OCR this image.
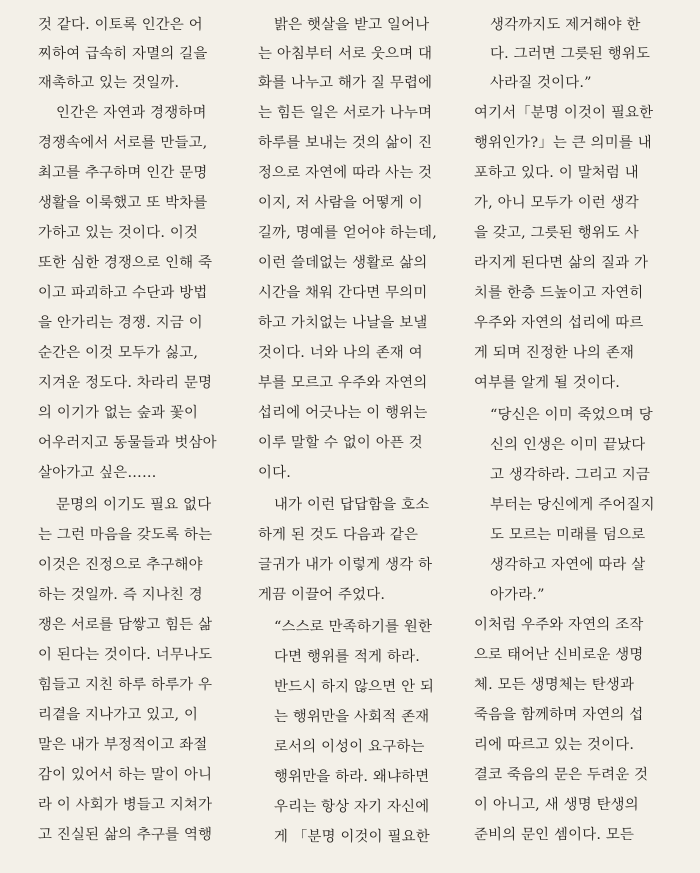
것 같다. 이토록 인간은 어
찌하여 급속히 자멸의 길을
재촉하고 있는 것일까.
인간은 자연과 경쟁하며
경쟁속에서 서로를 만들고,
최고를 추구하며 인간 문명
생활을 이룩했고 또 박차를
가하고 있는 것이다. 이것
또한 심한 경쟁으로 인해 죽
이고 파괴하고 수단과 방법
을 안가리는 경쟁. 지금 이
순간은 이것 모두가 싫고,
지겨운 정도다. 차라리 문명
의 이기가 없는 숲과 꽃이
어우러지고 동물들과 벗삼아
살아가고 싶은……
문명의 이기도 필요 없다
는 그런 마음을 갖도록 하는
이것은 진정으로 추구해야
하는 것일까. 즉 지나친 경
쟁은 서로를 담쌓고 힘든 삶
이 된다는 것이다. 너무나도
힘들고 지친 하루 하루가 우
리곁을 지나가고 있고, 이
말은 내가 부정적이고 좌절
감이 있어서 하는 말이 아니
라 이 사회가 병들고 지쳐가
고 진실된 삶의 추구를 역행
밝은 햇살을 받고 일어나
는 아침부터 서로 웃으며 대
화를 나누고 해가 질 무렵에
는 힘든 일은 서로가 나누며
하루를 보내는 것의 삶이 진
정으로 자연에 따라 사는 것
이지, 저 사람을 어떻게 이
길까, 명예를 얻어야 하는데,
이런 쓸데없는 생활로 삶의
시간을 채워 간다면 무의미
하고 가치없는 나날을 보낼
것이다. 너와 나의 존재 여
부를 모르고 우주와 자연의
섭리에 어긋나는 이 행위는
이루 말할 수 없이 아픈 것
이다.
내가 이런 답답함을 호소
하게 된 것도 다음과 같은
글귀가 내가 이렇게 생각 하
게끔 이끌어 주었다.
“스스로 만족하기를 원한
다면 행위를 적게 하라.
반드시 하지 않으면 안 되
는 행위만을 사회적 존재
로서의 이성이 요구하는
행위만을 하라. 왜냐하면
우리는 항상 자기 자신에
게 「분명 이것이 필요한
생각까지도 제거해야 한
다. 그러면 그릇된 행위도
사라질 것이다.”
여기서「분명 이것이 필요한
행위인가?」는 큰 의미를 내
포하고 있다. 이 말처럼 내
가, 아니 모두가 이런 생각
을 갖고, 그릇된 행위도 사
라지게 된다면 삶의 질과 가
치를 한층 드높이고 자연히
우주와 자연의 섭리에 따르
게 되며 진정한 나의 존재
여부를 알게 될 것이다.
“당신은 이미 죽었으며 당
신의 인생은 이미 끝났다
고 생각하라. 그리고 지금
부터는 당신에게 주어질지
도 모르는 미래를 덤으로
생각하고 자연에 따라 살
아가라.”
이처럼 우주와 자연의 조작
으로 태어난 신비로운 생명
체. 모든 생명체는 탄생과
죽음을 함께하며 자연의 섭
리에 따르고 있는 것이다.
결코 죽음의 문은 두려운 것
이 아니고, 새 생명 탄생의
준비의 문인 셈이다. 모든
